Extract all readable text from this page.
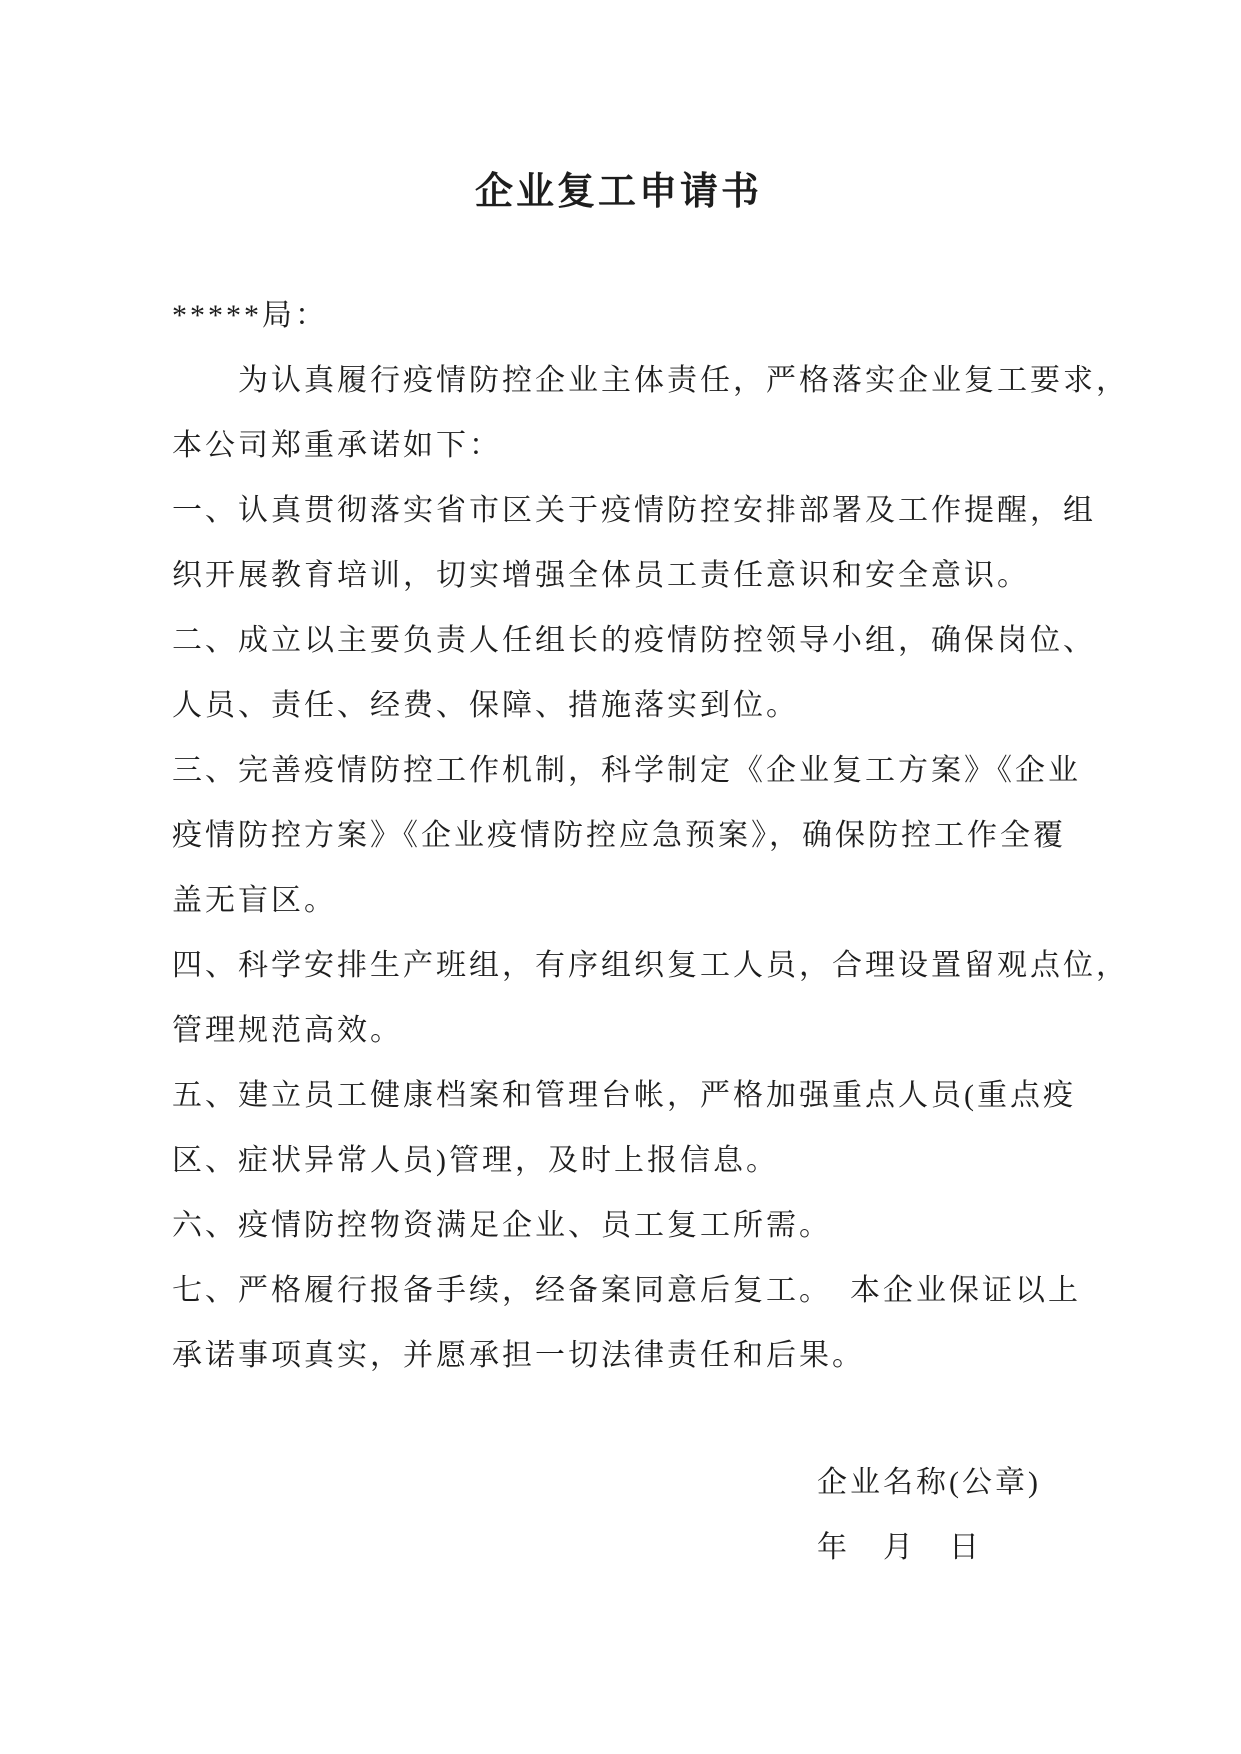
企业复工申请书
*****局：
为认真履行疫情防控企业主体责任，严格落实企业复工要求，
本公司郑重承诺如下：
一、认真贯彻落实省市区关于疫情防控安排部署及工作提醒，组
织开展教育培训，切实增强全体员工责任意识和安全意识。
二、成立以主要负责人任组长的疫情防控领导小组，确保岗位、
人员、责任、经费、保障、措施落实到位。
三、完善疫情防控工作机制，科学制定《企业复工方案》《企业
疫情防控方案》《企业疫情防控应急预案》，确保防控工作全覆
盖无盲区。
四、科学安排生产班组，有序组织复工人员，合理设置留观点位，
管理规范高效。
五、建立员工健康档案和管理台帐，严格加强重点人员(重点疫
区、症状异常人员)管理，及时上报信息。
六、疫情防控物资满足企业、员工复工所需。
七、严格履行报备手续，经备案同意后复工。　本企业保证以上
承诺事项真实，并愿承担一切法律责任和后果。
企业名称(公章)
年　月　日
